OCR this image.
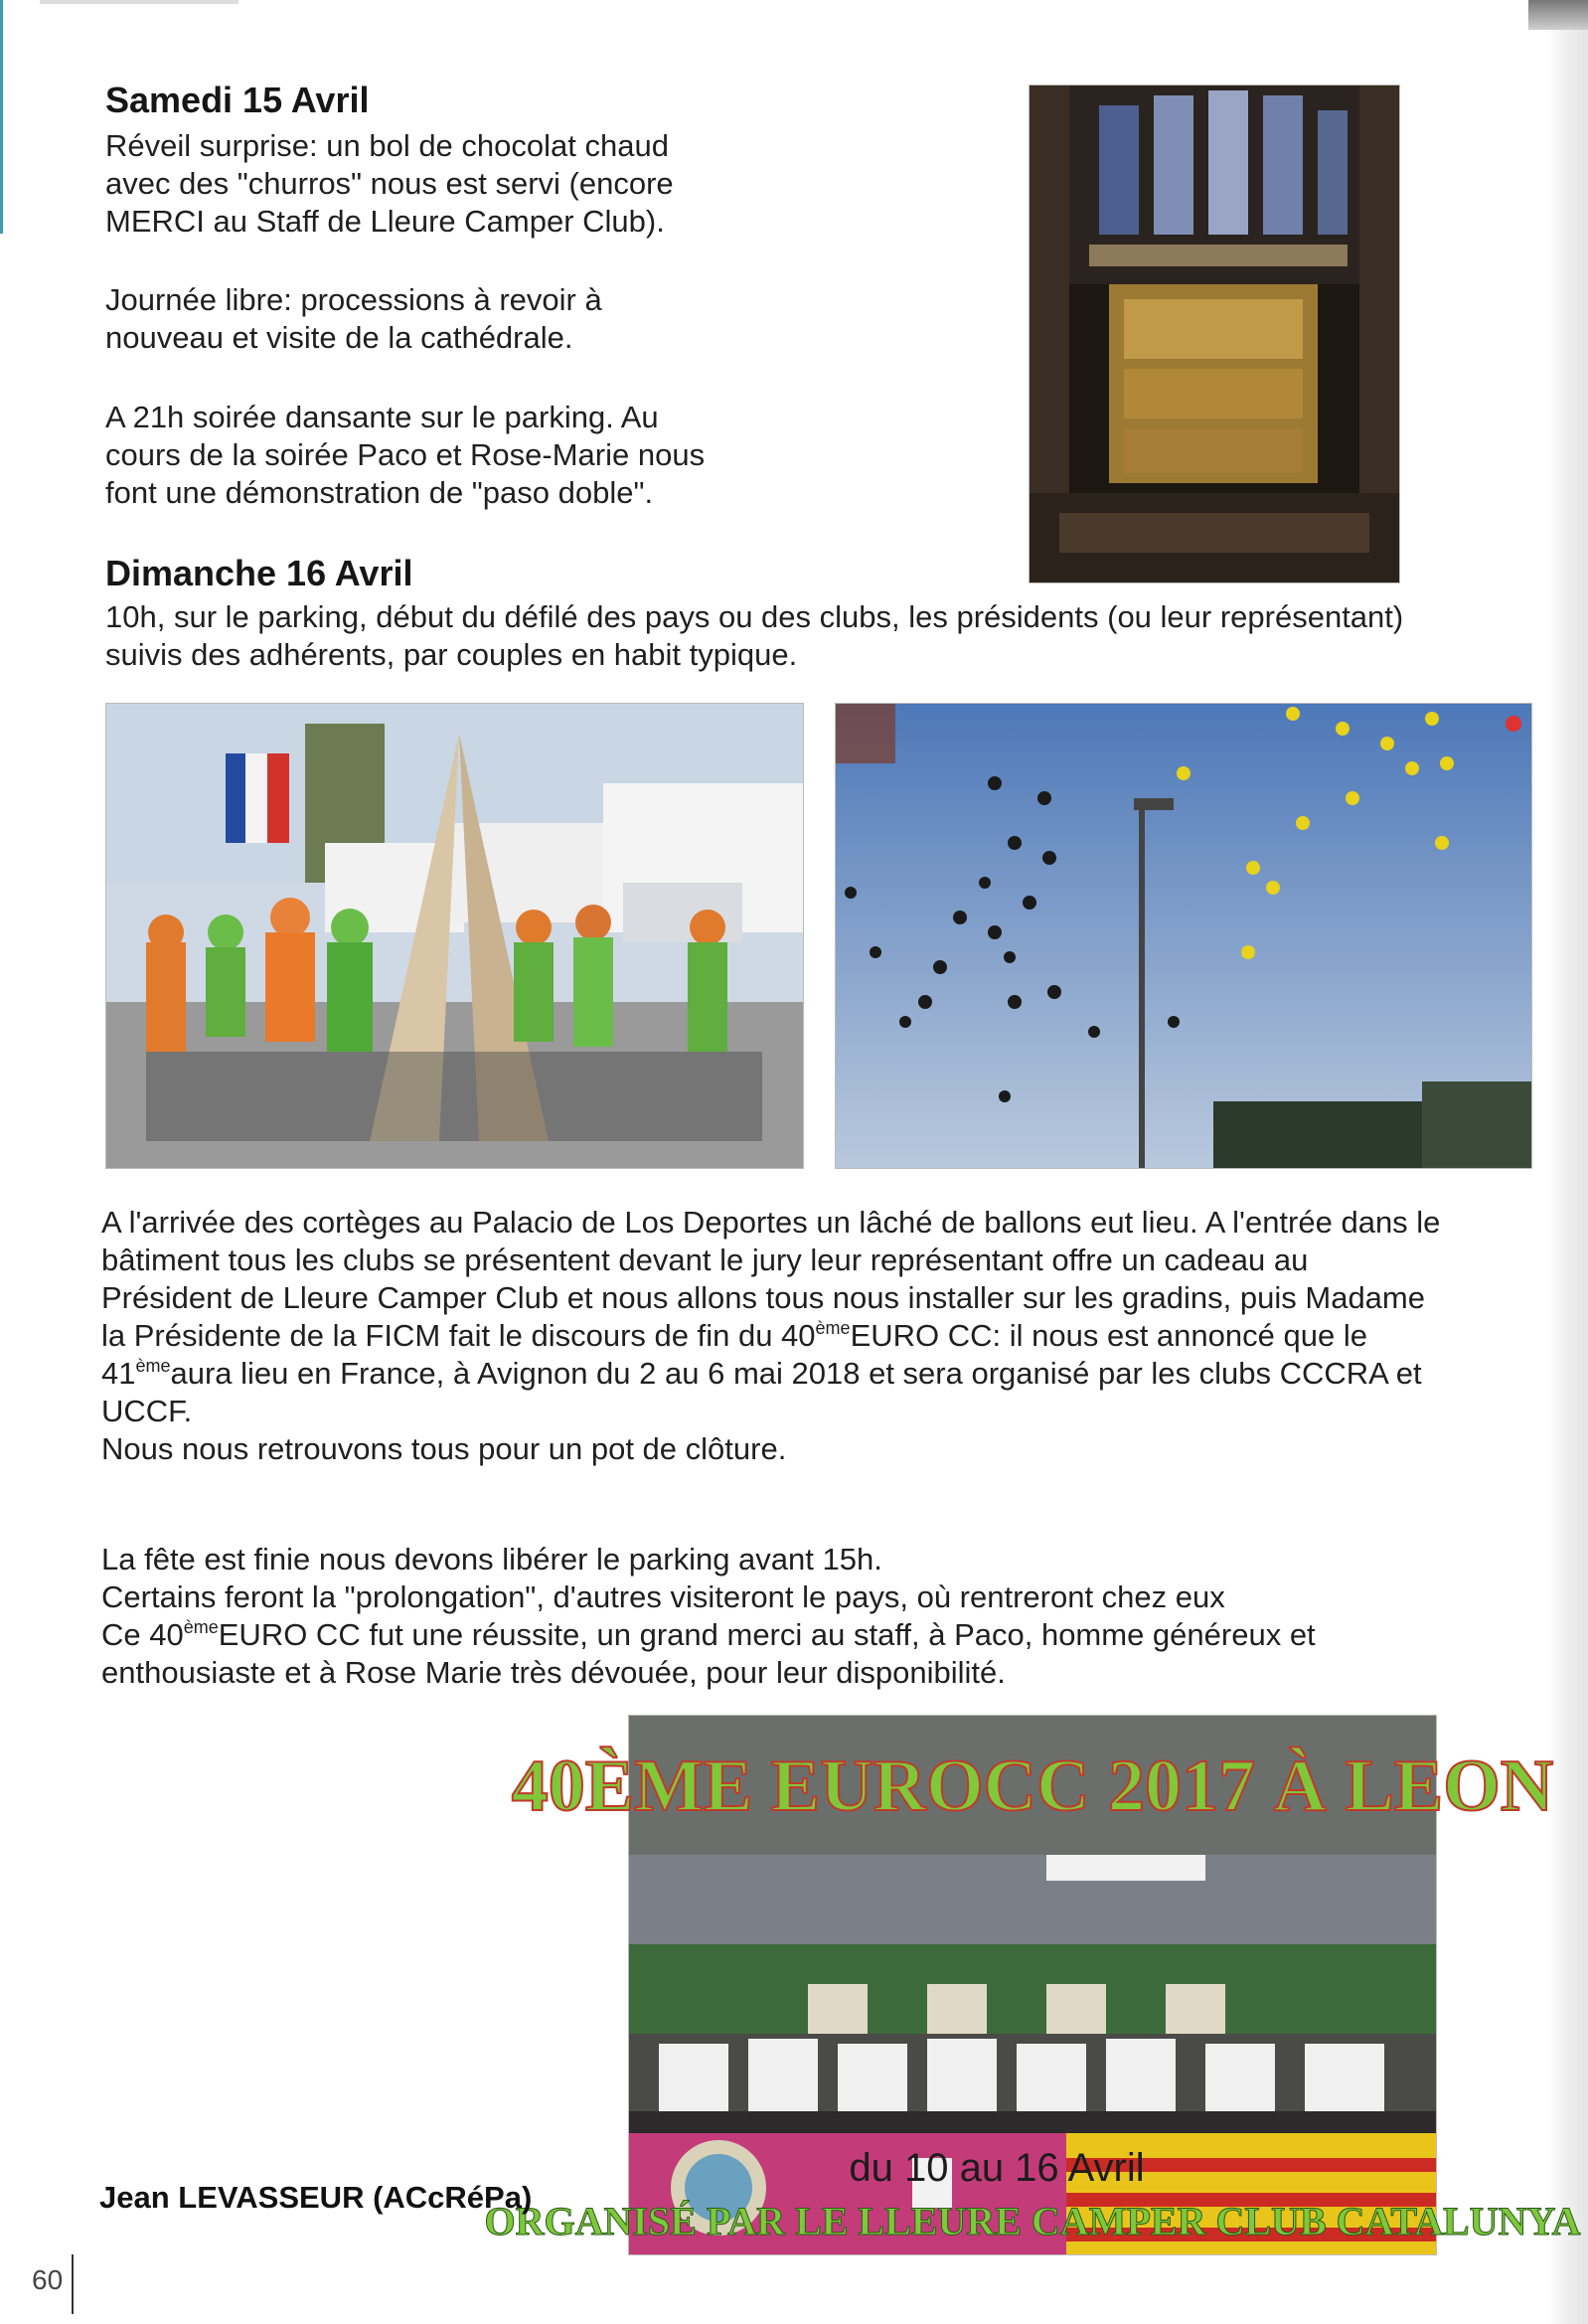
Samedi 15 Avril

Réveil surprise: un bol de chocolat chaud
avec des "churros" nous est servi (encore
MERCI au Staff de Lleure Camper Club).

Journée libre: processions à revoir à
nouveau et visite de la cathédrale.

A 21h soirée dansante sur le parking. Au
cours de la soirée Paco et Rose-Marie nous
font une démonstration de "paso doble".

Dimanche 16 Avril

10h, sur le parking, début du défilé des pays ou des clubs, les présidents (ou leur représentant)
suivis des adhérents, par couples en habit typique.

A l'arrivée des cortèges au Palacio de Los Deportes un lâché de ballons eut lieu. A l'entrée dans le
bâtiment tous les clubs se présentent devant le jury leur représentant offre un cadeau au
Président de Lleure Camper Club et nous allons tous nous installer sur les gradins, puis Madame
la Présidente de la FICM fait le discours de fin du 40èmeEURO CC: il nous est annoncé que le
41èmeaura lieu en France, à Avignon du 2 au 6 mai 2018 et sera organisé par les clubs CCCRA et
UCCF.
Nous nous retrouvons tous pour un pot de clôture.

La fête est finie nous devons libérer le parking avant 15h.
Certains feront la "prolongation", d'autres visiteront le pays, où rentreront chez eux
Ce 40èmeEURO CC fut une réussite, un grand merci au staff, à Paco, homme généreux et
enthousiaste et à Rose Marie très dévouée, pour leur disponibilité.

40ÈME EUROCC 2017 À LEON
du 10 au 16 Avril
ORGANISÉ PAR LE LLEURE CAMPER CLUB CATALUNYA
Jean LEVASSEUR (ACcRéPa)
60
